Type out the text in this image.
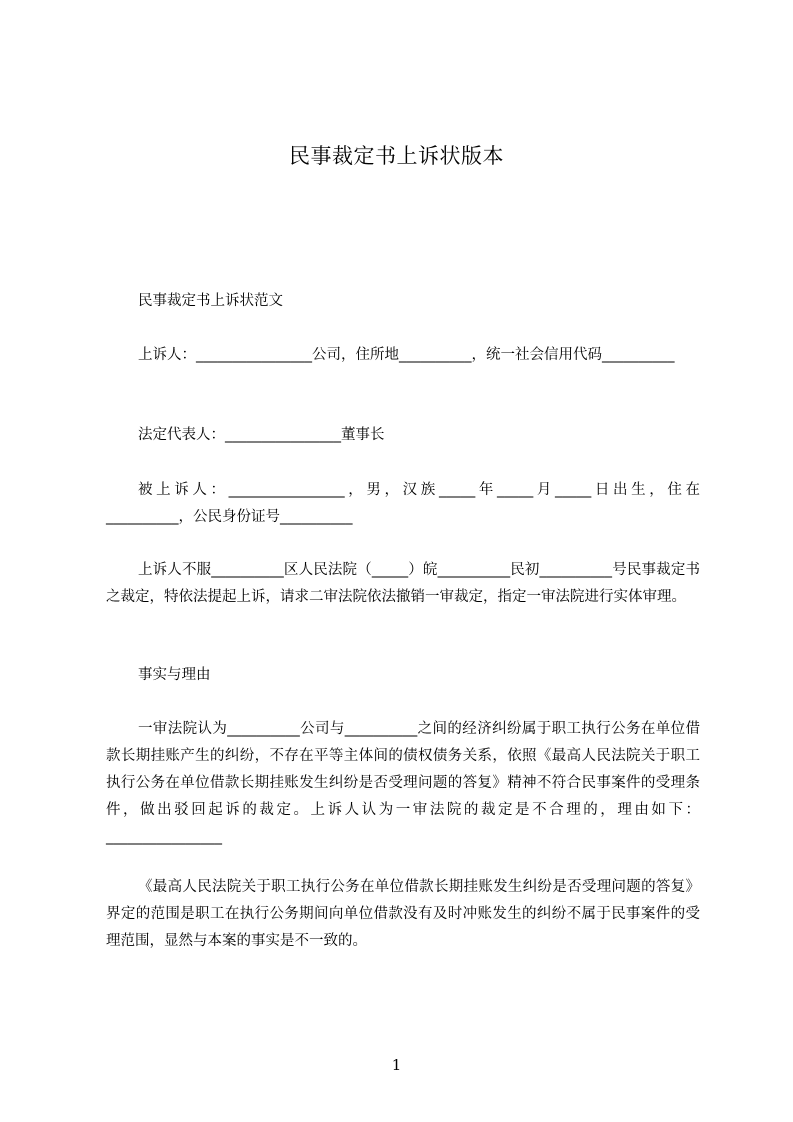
民事裁定书上诉状版本

民事裁定书上诉状范文

上诉人：________________公司，住所地__________，统一社会信用代码__________

法定代表人：________________董事长

被上诉人：________________，男，汉族_____年_____月_____日出生，住在__________，公民身份证号__________

上诉人不服__________区人民法院（_____）皖__________民初__________号民事裁定书之裁定，特依法提起上诉，请求二审法院依法撤销一审裁定，指定一审法院进行实体审理。

事实与理由

一审法院认为__________公司与__________之间的经济纠纷属于职工执行公务在单位借款长期挂账产生的纠纷，不存在平等主体间的债权债务关系，依照《最高人民法院关于职工执行公务在单位借款长期挂账发生纠纷是否受理问题的答复》精神不符合民事案件的受理条件，做出驳回起诉的裁定。上诉人认为一审法院的裁定是不合理的，理由如下：________________

《最高人民法院关于职工执行公务在单位借款长期挂账发生纠纷是否受理问题的答复》界定的范围是职工在执行公务期间向单位借款没有及时冲账发生的纠纷不属于民事案件的受理范围，显然与本案的事实是不一致的。

1
